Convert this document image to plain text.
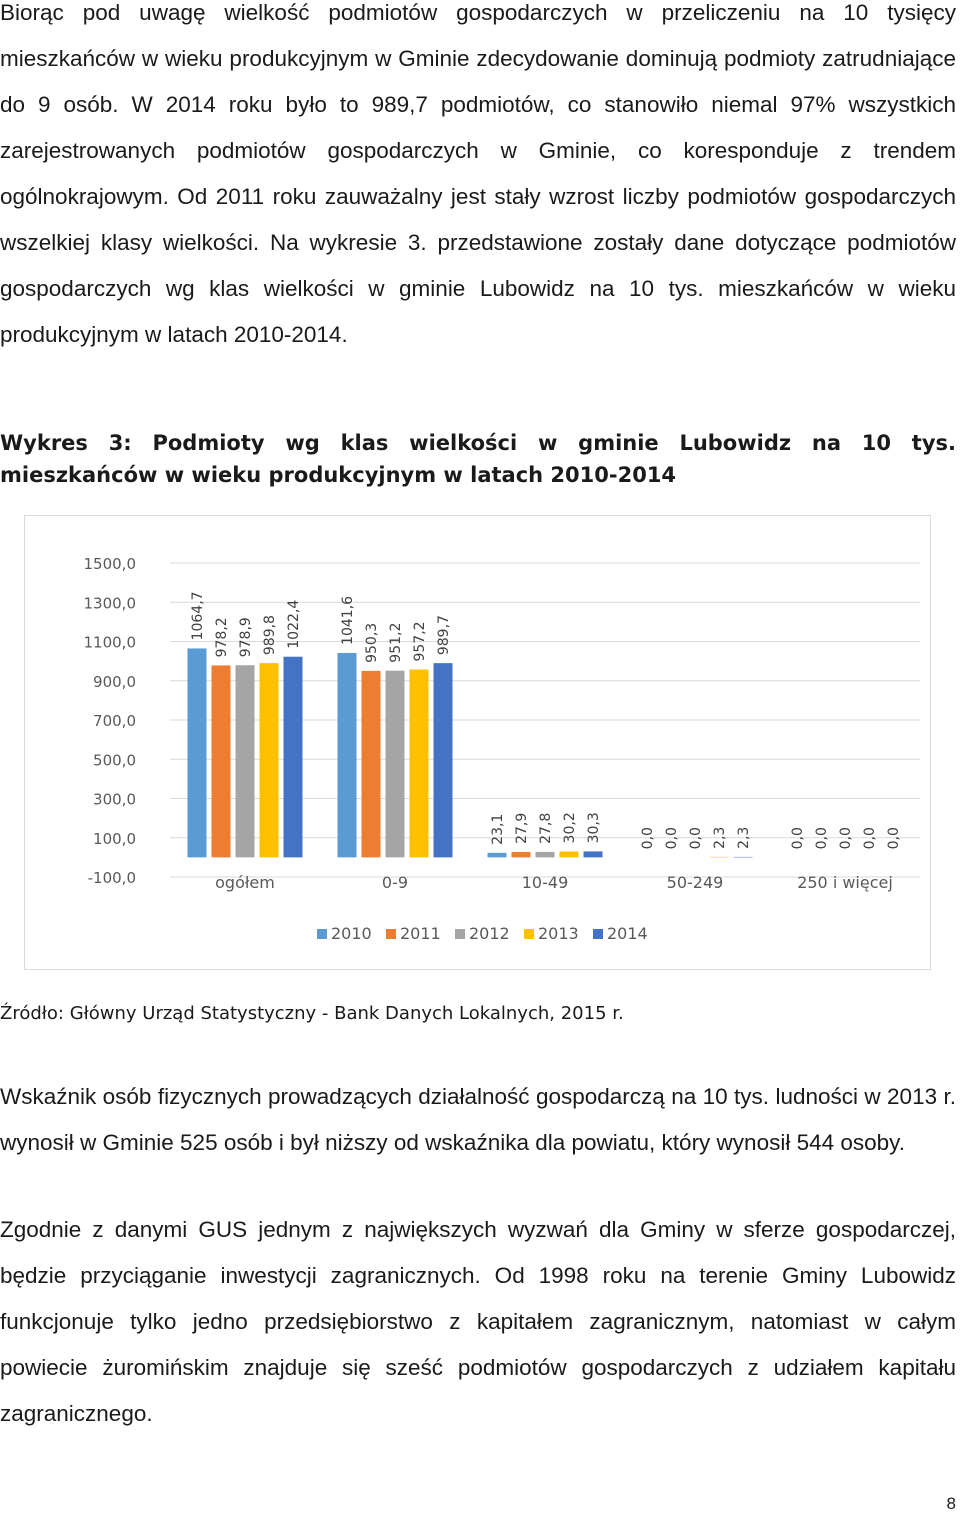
Biorąc pod uwagę wielkość podmiotów gospodarczych w przeliczeniu na 10 tysięcy mieszkańców w wieku produkcyjnym w Gminie zdecydowanie dominują podmioty zatrudniające do 9 osób. W 2014 roku było to 989,7 podmiotów, co stanowiło niemal 97% wszystkich zarejestrowanych podmiotów gospodarczych w Gminie, co koresponduje z trendem ogólnokrajowym. Od 2011 roku zauważalny jest stały wzrost liczby podmiotów gospodarczych wszelkiej klasy wielkości. Na wykresie 3. przedstawione zostały dane dotyczące podmiotów gospodarczych wg klas wielkości w gminie Lubowidz na 10 tys. mieszkańców w wieku produkcyjnym w latach 2010-2014.

Wykres 3: Podmioty wg klas wielkości w gminie Lubowidz na 10 tys. mieszkańców w wieku produkcyjnym w latach 2010-2014

1064,7 978,2 978,9 989,8 1022,4	1041,6 950,3 951,2 957,2 989,7
23,1 27,9 27,8 30,2 30,3	0,0 0,0 0,0 2,3 2,3	0,0 0,0 0,0 0,0 0,0
-100,0
100,0
300,0
500,0
700,0
900,0
1100,0
1300,0
1500,0
ogółem	0-9	10-49	50-249	250 i więcej
2010 2011 2012 2013 2014
Źródło: Główny Urząd Statystyczny - Bank Danych Lokalnych, 2015 r.

Wskaźnik osób fizycznych prowadzących działalność gospodarczą na 10 tys. ludności w 2013 r. wynosił w Gminie 525 osób i był niższy od wskaźnika dla powiatu, który wynosił 544 osoby.

Zgodnie z danymi GUS jednym z największych wyzwań dla Gminy w sferze gospodarczej, będzie przyciąganie inwestycji zagranicznych. Od 1998 roku na terenie Gminy Lubowidz funkcjonuje tylko jedno przedsiębiorstwo z kapitałem zagranicznym, natomiast w całym powiecie żuromińskim znajduje się sześć podmiotów gospodarczych z udziałem kapitału zagranicznego.

8
